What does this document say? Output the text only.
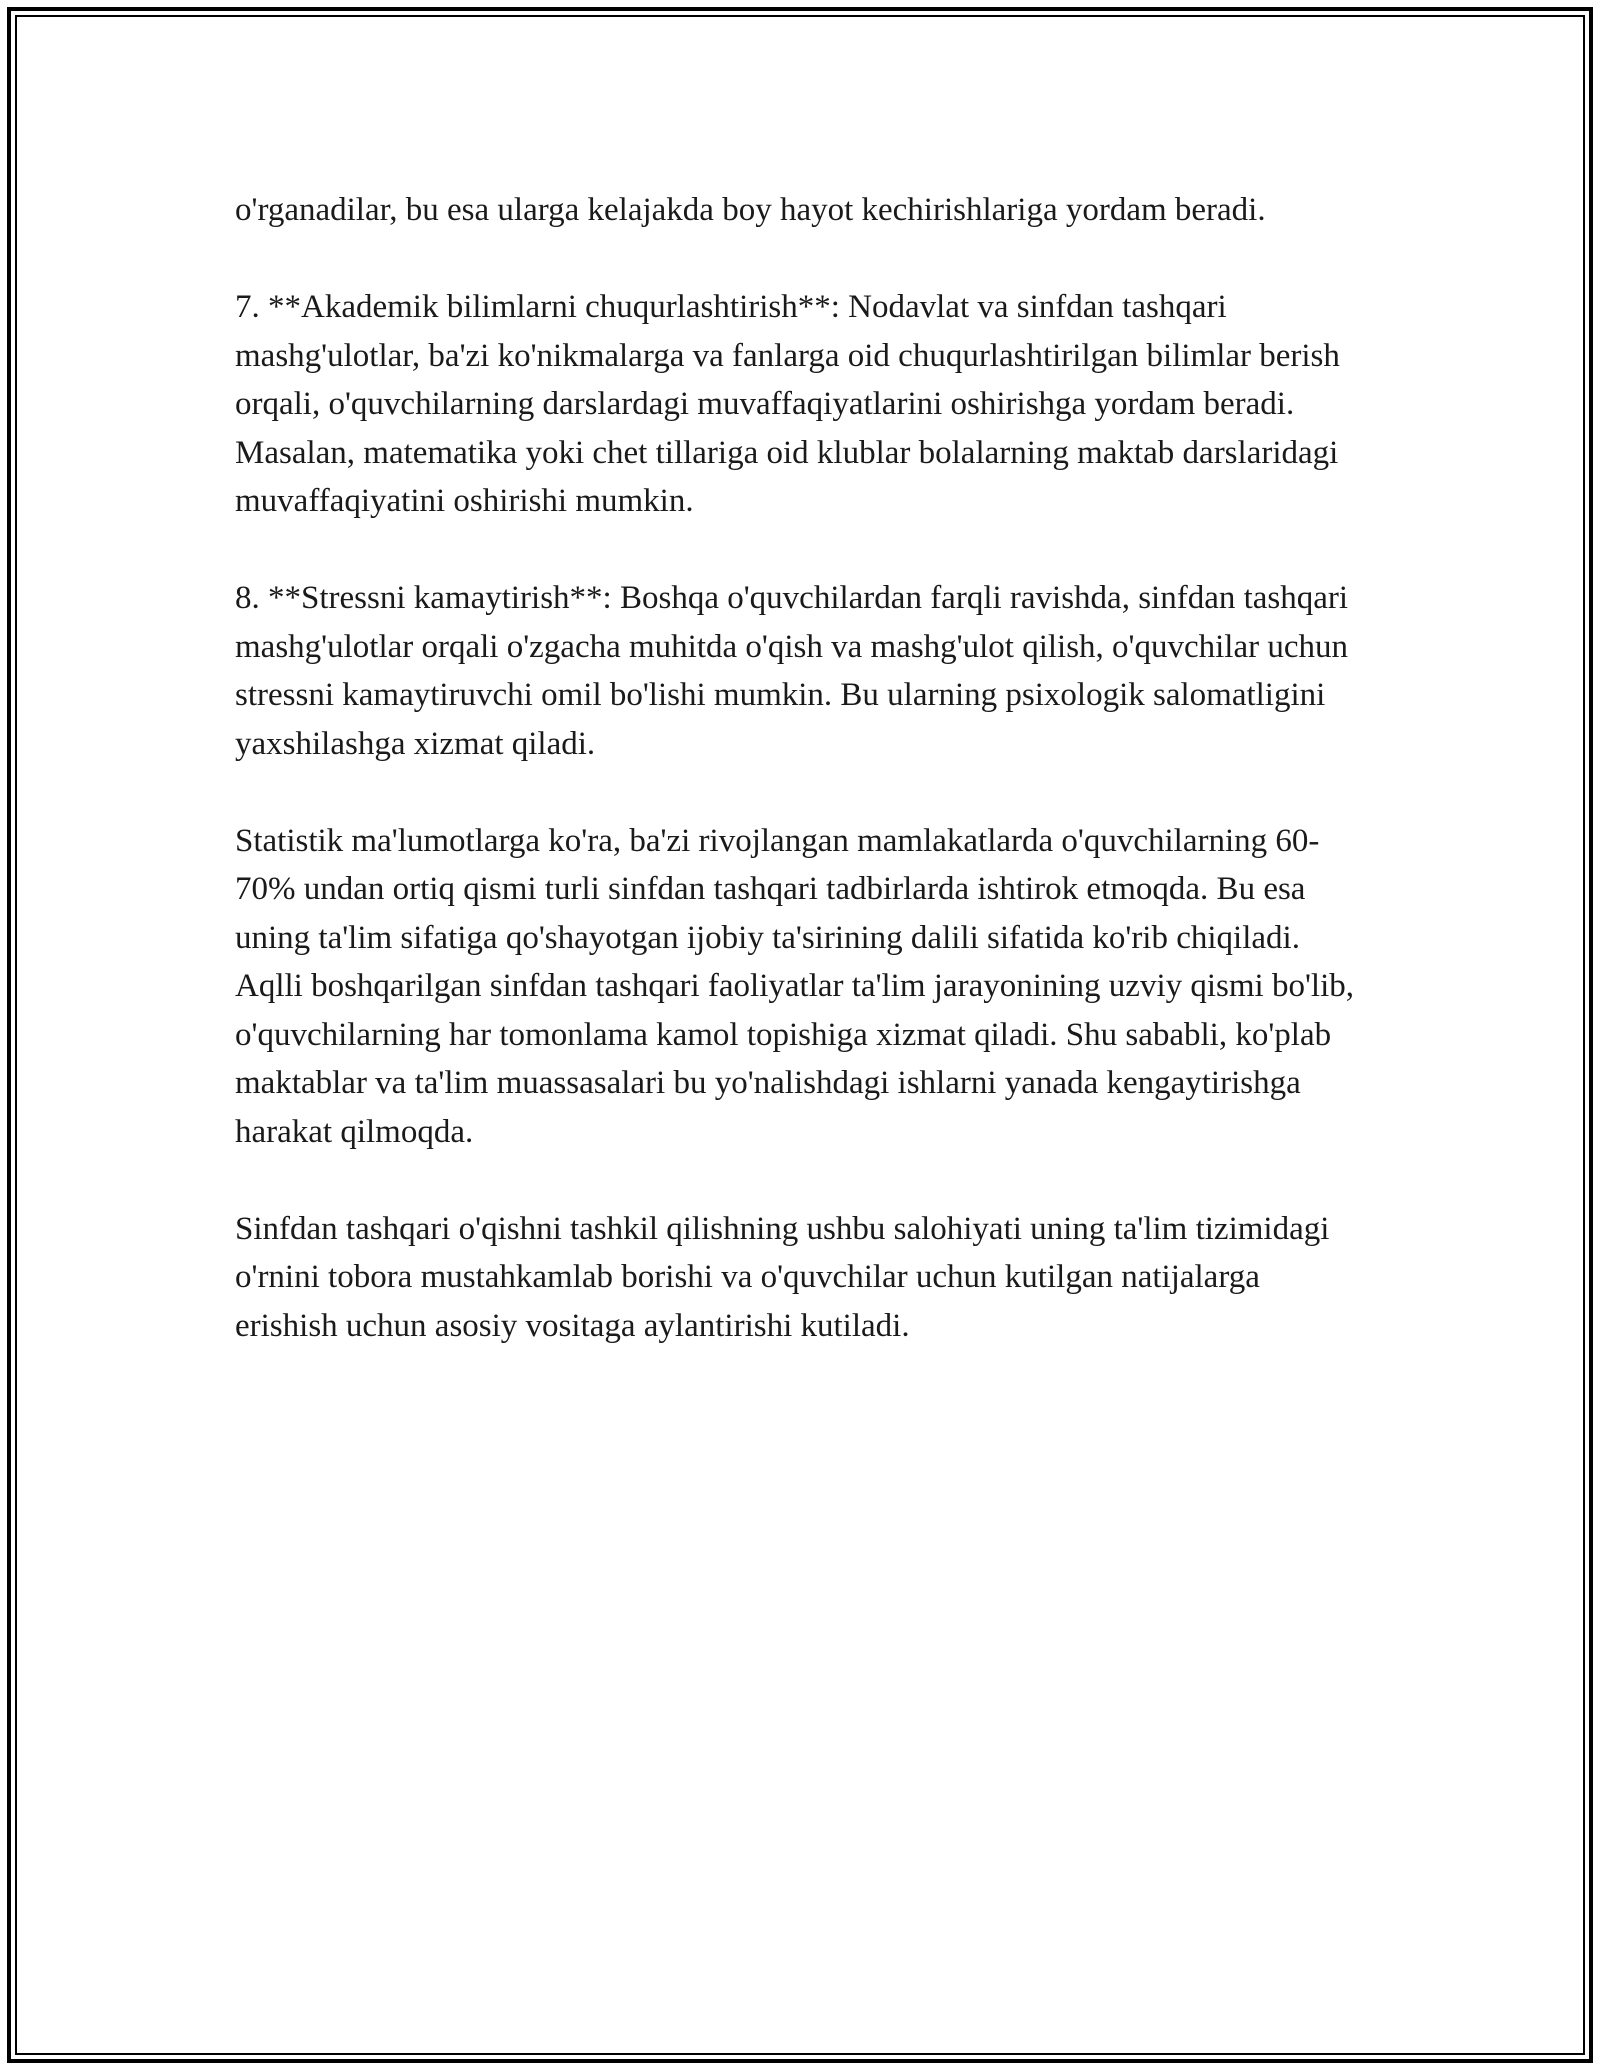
o'rganadilar, bu esa ularga kelajakda boy hayot kechirishlariga yordam beradi.

7. **Akademik bilimlarni chuqurlashtirish**: Nodavlat va sinfdan tashqari mashg'ulotlar, ba'zi ko'nikmalarga va fanlarga oid chuqurlashtirilgan bilimlar berish orqali, o'quvchilarning darslardagi muvaffaqiyatlarini oshirishga yordam beradi. Masalan, matematika yoki chet tillariga oid klublar bolalarning maktab darslaridagi muvaffaqiyatini oshirishi mumkin.

8. **Stressni kamaytirish**: Boshqa o'quvchilardan farqli ravishda, sinfdan tashqari mashg'ulotlar orqali o'zgacha muhitda o'qish va mashg'ulot qilish, o'quvchilar uchun stressni kamaytiruvchi omil bo'lishi mumkin. Bu ularning psixologik salomatligini yaxshilashga xizmat qiladi.

Statistik ma'lumotlarga ko'ra, ba'zi rivojlangan mamlakatlarda o'quvchilarning 60-70% undan ortiq qismi turli sinfdan tashqari tadbirlarda ishtirok etmoqda. Bu esa uning ta'lim sifatiga qo'shayotgan ijobiy ta'sirining dalili sifatida ko'rib chiqiladi. Aqlli boshqarilgan sinfdan tashqari faoliyatlar ta'lim jarayonining uzviy qismi bo'lib, o'quvchilarning har tomonlama kamol topishiga xizmat qiladi. Shu sababli, ko'plab maktablar va ta'lim muassasalari bu yo'nalishdagi ishlarni yanada kengaytirishga harakat qilmoqda.

Sinfdan tashqari o'qishni tashkil qilishning ushbu salohiyati uning ta'lim tizimidagi o'rnini tobora mustahkamlab borishi va o'quvchilar uchun kutilgan natijalarga erishish uchun asosiy vositaga aylantirishi kutiladi.
